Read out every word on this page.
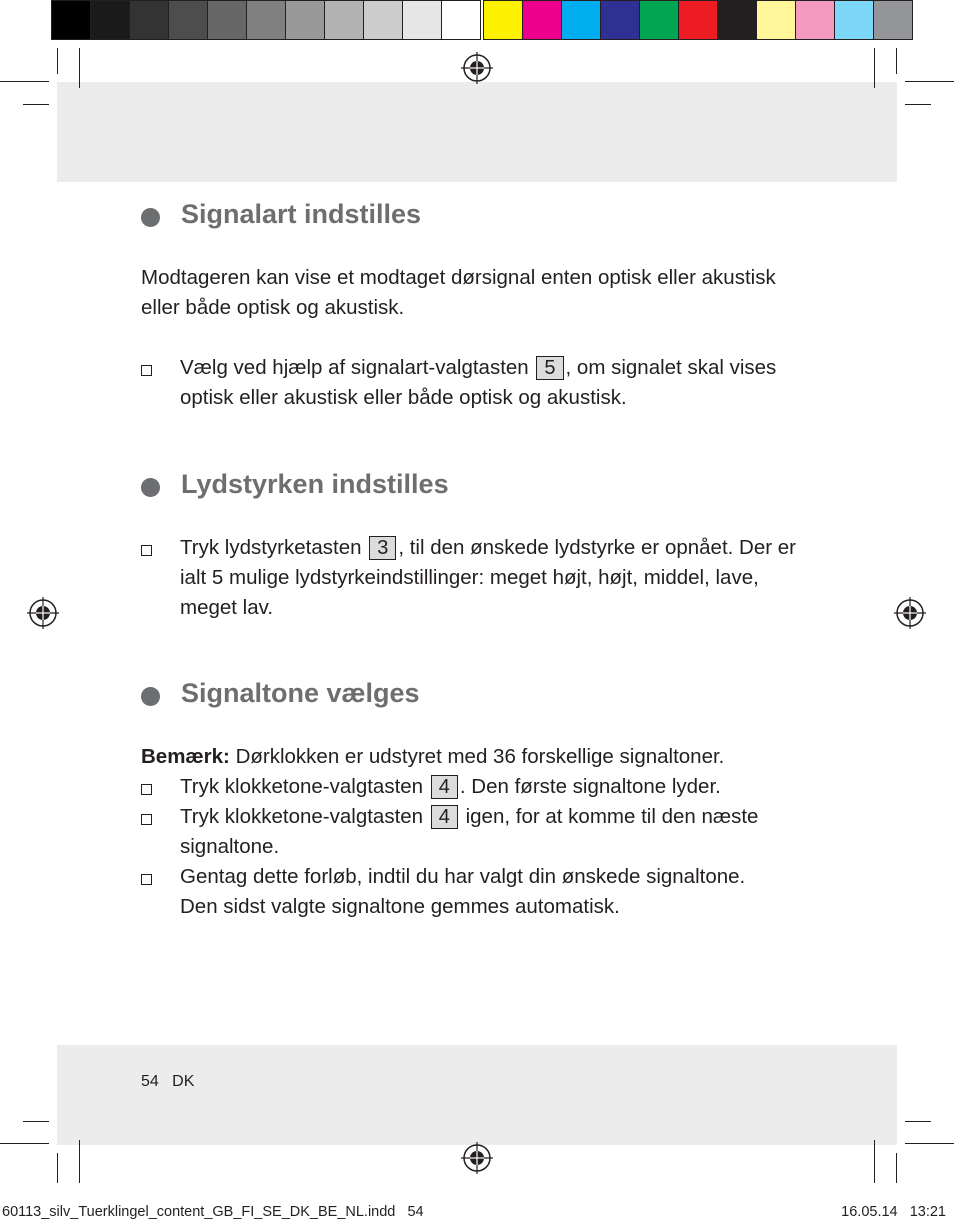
Signalart indstilles

Modtageren kan vise et modtaget dørsignal enten optisk eller akustisk

eller både optisk og akustisk.

Vælg ved hjælp af signalart-valgtasten 5 , om signalet skal vises

optisk eller akustisk eller både optisk og akustisk.

Lydstyrken indstilles

Tryk lydstyrketasten 3 , til den ønskede lydstyrke er opnået. Der er

ialt 5 mulige lydstyrkeindstillinger: meget højt, højt, middel, lave,

meget lav.

Signaltone vælges

Bemærk: Dørklokken er udstyret med 36 forskellige signaltoner.

Tryk klokketone-valgtasten 4 . Den første signaltone lyder.

Tryk klokketone-valgtasten 4 igen, for at komme til den næste

signaltone.

Gentag dette forløb, indtil du har valgt din ønskede signaltone.

Den sidst valgte signaltone gemmes automatisk.

54 DK
60113_silv_Tuerklingel_content_GB_FI_SE_DK_BE_NL.indd   54	16.05.14 13:21
